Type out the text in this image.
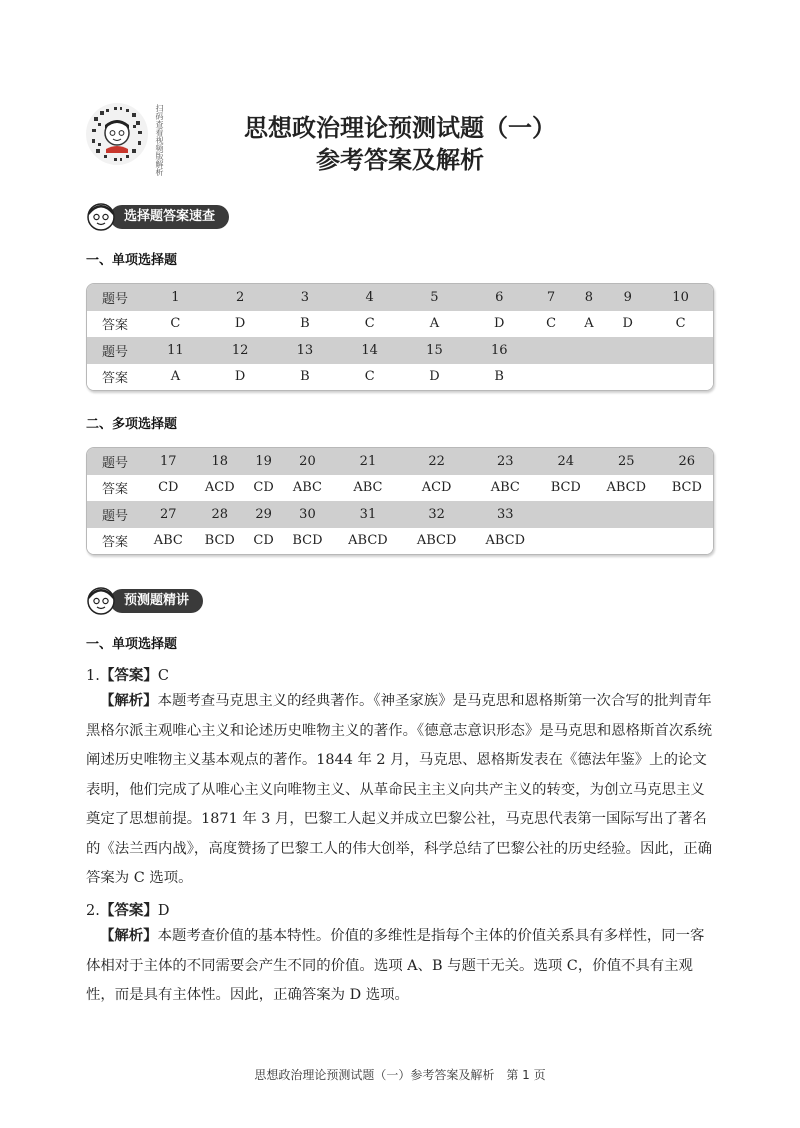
扫码查看视频版解析	思想政治理论预测试题（一）
参考答案及解析
选择题答案速查
一、单项选择题
题号	1	2	3	4	5	6	7	8	9	10
答案	C	D	B	C	A	D	C	A	D	C
题号	11	12	13	14	15	16				
答案	A	D	B	C	D	B				
二、多项选择题
题号	17	18	19	20	21	22	23	24	25	26
答案	CD	ACD	CD	ABC	ABC	ACD	ABC	BCD	ABCD	BCD
题号	27	28	29	30	31	32	33			
答案	ABC	BCD	CD	BCD	ABCD	ABCD	ABCD			
预测题精讲
一、单项选择题
1.【答案】C
【解析】本题考查马克思主义的经典著作。《神圣家族》是马克思和恩格斯第一次合写的批判青年黑格尔派主观唯心主义和论述历史唯物主义的著作。《德意志意识形态》是马克思和恩格斯首次系统阐述历史唯物主义基本观点的著作。1844 年 2 月，马克思、恩格斯发表在《德法年鉴》上的论文表明，他们完成了从唯心主义向唯物主义、从革命民主主义向共产主义的转变，为创立马克思主义奠定了思想前提。1871 年 3 月，巴黎工人起义并成立巴黎公社，马克思代表第一国际写出了著名的《法兰西内战》，高度赞扬了巴黎工人的伟大创举，科学总结了巴黎公社的历史经验。因此，正确答案为 C 选项。
2.【答案】D
【解析】本题考查价值的基本特性。价值的多维性是指每个主体的价值关系具有多样性，同一客体相对于主体的不同需要会产生不同的价值。选项 A、B 与题干无关。选项 C，价值不具有主观性，而是具有主体性。因此，正确答案为 D 选项。
思想政治理论预测试题（一）参考答案及解析　第 1 页
